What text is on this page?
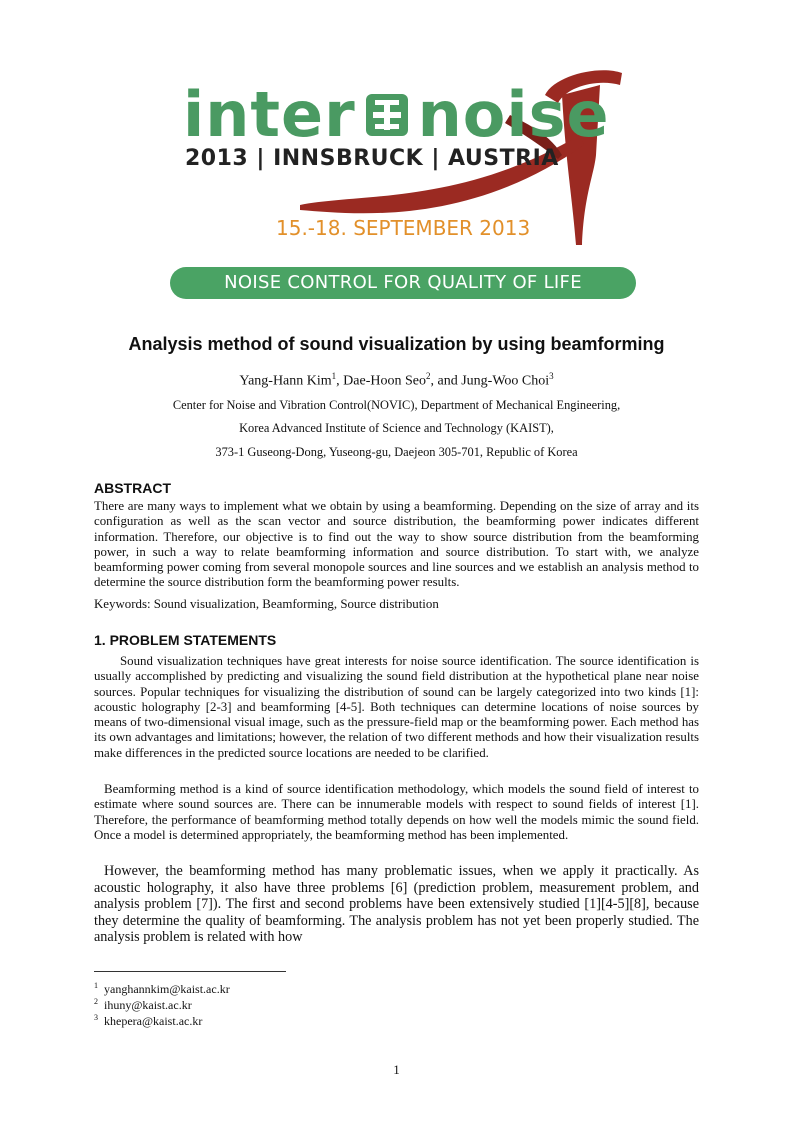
inter noise
2013 | INNSBRUCK | AUSTRIA
15.-18. SEPTEMBER 2013
NOISE CONTROL FOR QUALITY OF LIFE
Analysis method of sound visualization by using beamforming
Yang-Hann Kim$^1$, Dae-Hoon Seo$^2$, and Jung-Woo Choi$^3$
Center for Noise and Vibration Control(NOVIC), Department of Mechanical Engineering,
Korea Advanced Institute of Science and Technology (KAIST),
373-1 Guseong-Dong, Yuseong-gu, Daejeon 305-701, Republic of Korea
ABSTRACT
There are many ways to implement what we obtain by using a beamforming. Depending on the size of array and its configuration as well as the scan vector and source distribution, the beamforming power indicates different information. Therefore, our objective is to find out the way to show source distribution from the beamforming power, in such a way to relate beamforming information and source distribution. To start with, we analyze beamforming power coming from several monopole sources and line sources and we establish an analysis method to determine the source distribution form the beamforming power results.
Keywords: Sound visualization, Beamforming, Source distribution
1. PROBLEM STATEMENTS
Sound visualization techniques have great interests for noise source identification. The source identification is usually accomplished by predicting and visualizing the sound field distribution at the hypothetical plane near noise sources. Popular techniques for visualizing the distribution of sound can be largely categorized into two kinds [1]: acoustic holography [2-3] and beamforming [4-5]. Both techniques can determine locations of noise sources by means of two-dimensional visual image, such as the pressure-field map or the beamforming power. Each method has its own advantages and limitations; however, the relation of two different methods and how their visualization results make differences in the predicted source locations are needed to be clarified.
Beamforming method is a kind of source identification methodology, which models the sound field of interest to estimate where sound sources are. There can be innumerable models with respect to sound fields of interest [1]. Therefore, the performance of beamforming method totally depends on how well the models mimic the sound field. Once a model is determined appropriately, the beamforming method has been implemented.
However, the beamforming method has many problematic issues, when we apply it practically. As acoustic holography, it also have three problems [6] (prediction problem, measurement problem, and analysis problem [7]). The first and second problems have been extensively studied [1][4-5][8], because they determine the quality of beamforming. The analysis problem has not yet been properly studied. The analysis problem is related with how
$^1$ yanghannkim@kaist.ac.kr
$^2$ ihuny@kaist.ac.kr
$^3$ khepera@kaist.ac.kr
1
